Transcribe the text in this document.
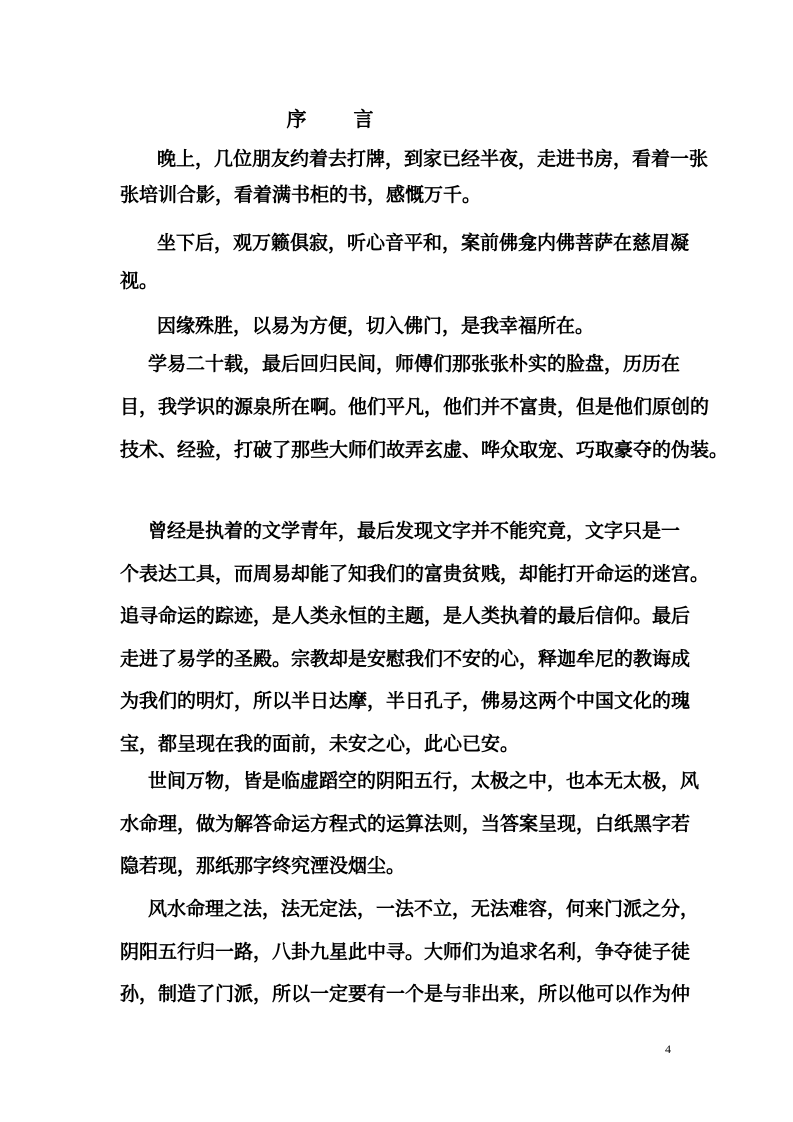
序 言
晚上，几位朋友约着去打牌，到家已经半夜，走进书房，看着一张
张培训合影，看着满书柜的书，感慨万千。
坐下后，观万籁俱寂，听心音平和，案前佛龛内佛菩萨在慈眉凝
视。
因缘殊胜，以易为方便，切入佛门，是我幸福所在。
学易二十载，最后回归民间，师傅们那张张朴实的脸盘，历历在
目，我学识的源泉所在啊。他们平凡，他们并不富贵，但是他们原创的
技术、经验，打破了那些大师们故弄玄虚、哗众取宠、巧取豪夺的伪装。
曾经是执着的文学青年，最后发现文字并不能究竟，文字只是一
个表达工具，而周易却能了知我们的富贵贫贱，却能打开命运的迷宫。
追寻命运的踪迹，是人类永恒的主题，是人类执着的最后信仰。最后
走进了易学的圣殿。宗教却是安慰我们不安的心，释迦牟尼的教诲成
为我们的明灯，所以半日达摩，半日孔子，佛易这两个中国文化的瑰
宝，都呈现在我的面前，未安之心，此心已安。
世间万物，皆是临虚蹈空的阴阳五行，太极之中，也本无太极，风
水命理，做为解答命运方程式的运算法则，当答案呈现，白纸黑字若
隐若现，那纸那字终究湮没烟尘。
风水命理之法，法无定法，一法不立，无法难容，何来门派之分，
阴阳五行归一路，八卦九星此中寻。大师们为追求名利，争夺徒子徒
孙，制造了门派，所以一定要有一个是与非出来，所以他可以作为仲
4
